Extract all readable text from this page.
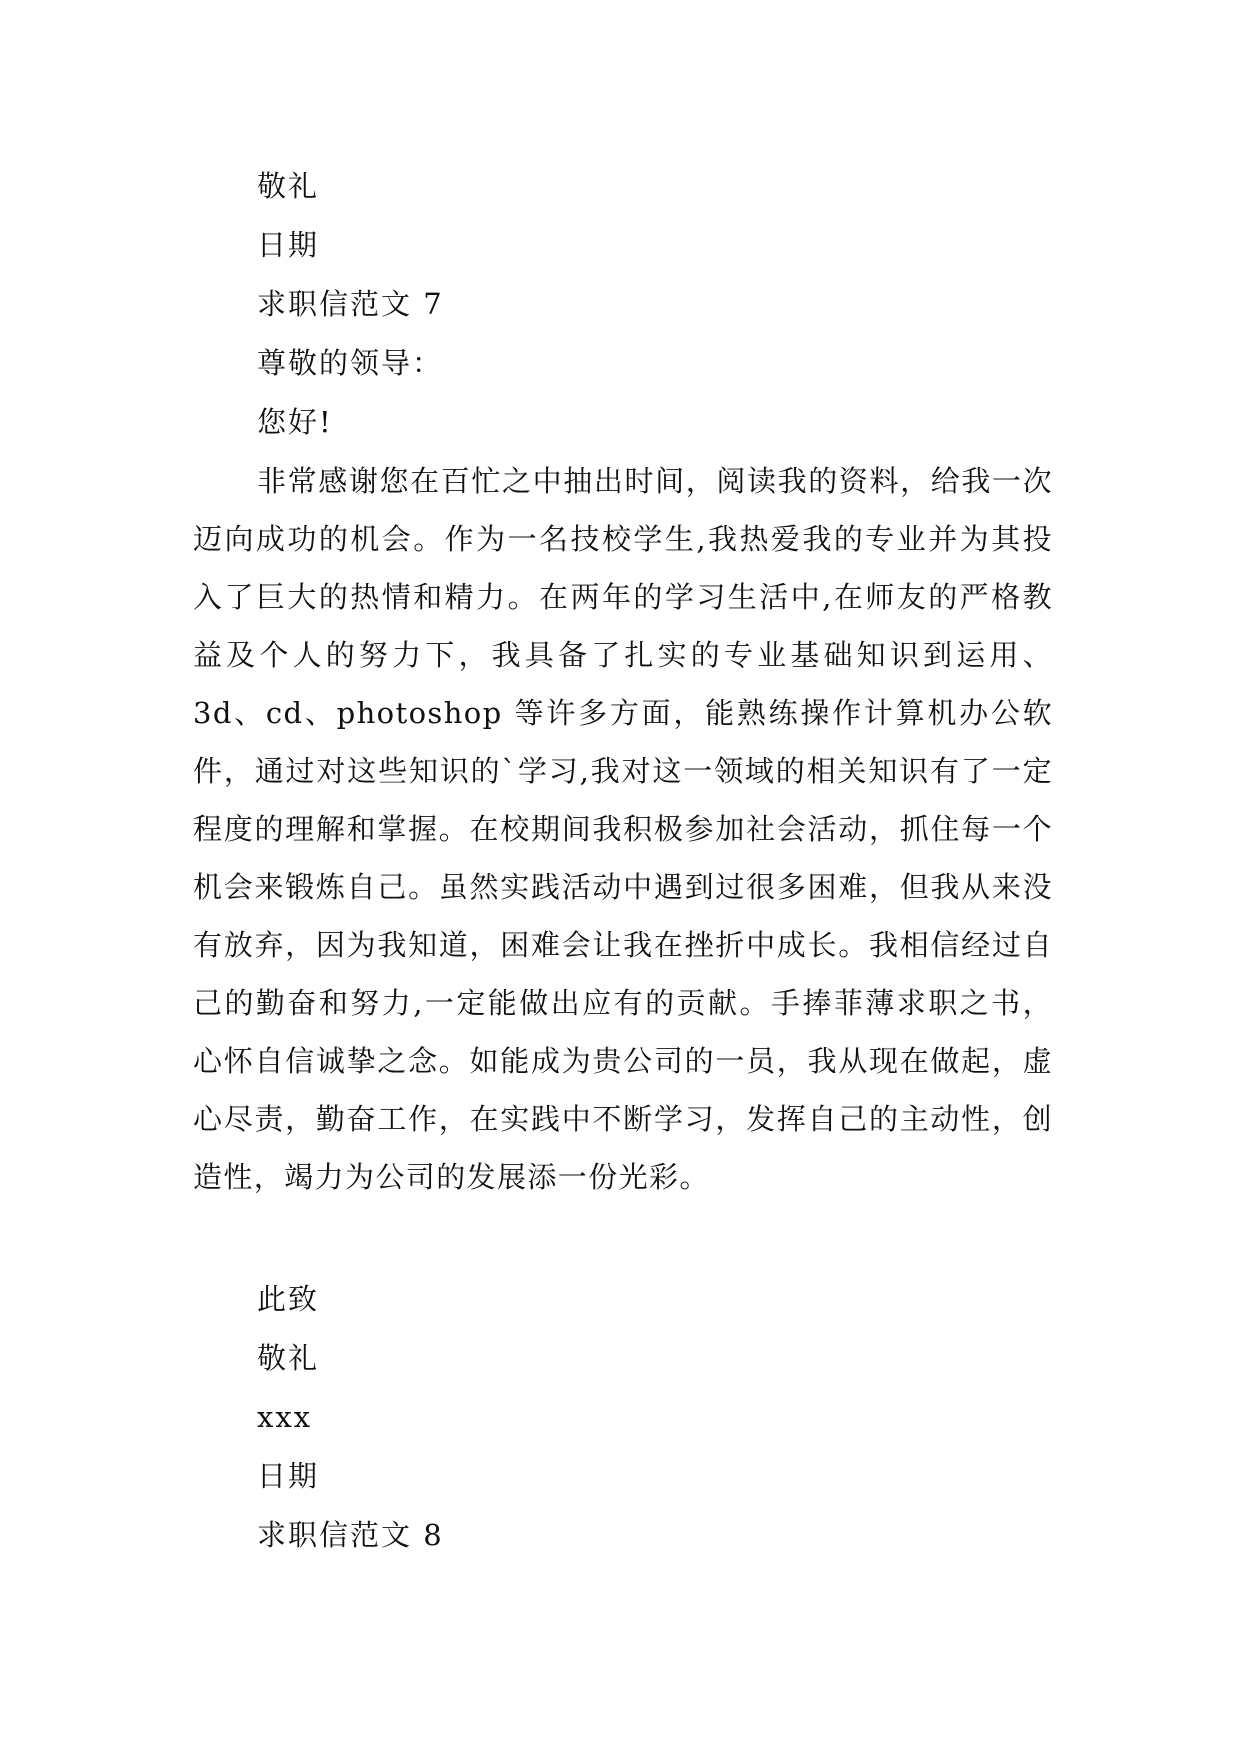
敬礼
日期
求职信范文 7
尊敬的领导：
您好!

非常感谢您在百忙之中抽出时间，阅读我的资料，给我一次迈向成功的机会。作为一名技校学生,我热爱我的专业并为其投入了巨大的热情和精力。在两年的学习生活中,在师友的严格教益及个人的努力下，我具备了扎实的专业基础知识到运用、3d、cd、photoshop 等许多方面，能熟练操作计算机办公软件，通过对这些知识的`学习,我对这一领域的相关知识有了一定程度的理解和掌握。在校期间我积极参加社会活动，抓住每一个机会来锻炼自己。虽然实践活动中遇到过很多困难，但我从来没有放弃，因为我知道，困难会让我在挫折中成长。我相信经过自己的勤奋和努力,一定能做出应有的贡献。手捧菲薄求职之书，心怀自信诚挚之念。如能成为贵公司的一员，我从现在做起，虚心尽责，勤奋工作，在实践中不断学习，发挥自己的主动性，创造性，竭力为公司的发展添一份光彩。

此致
敬礼
xxx
日期
求职信范文 8
